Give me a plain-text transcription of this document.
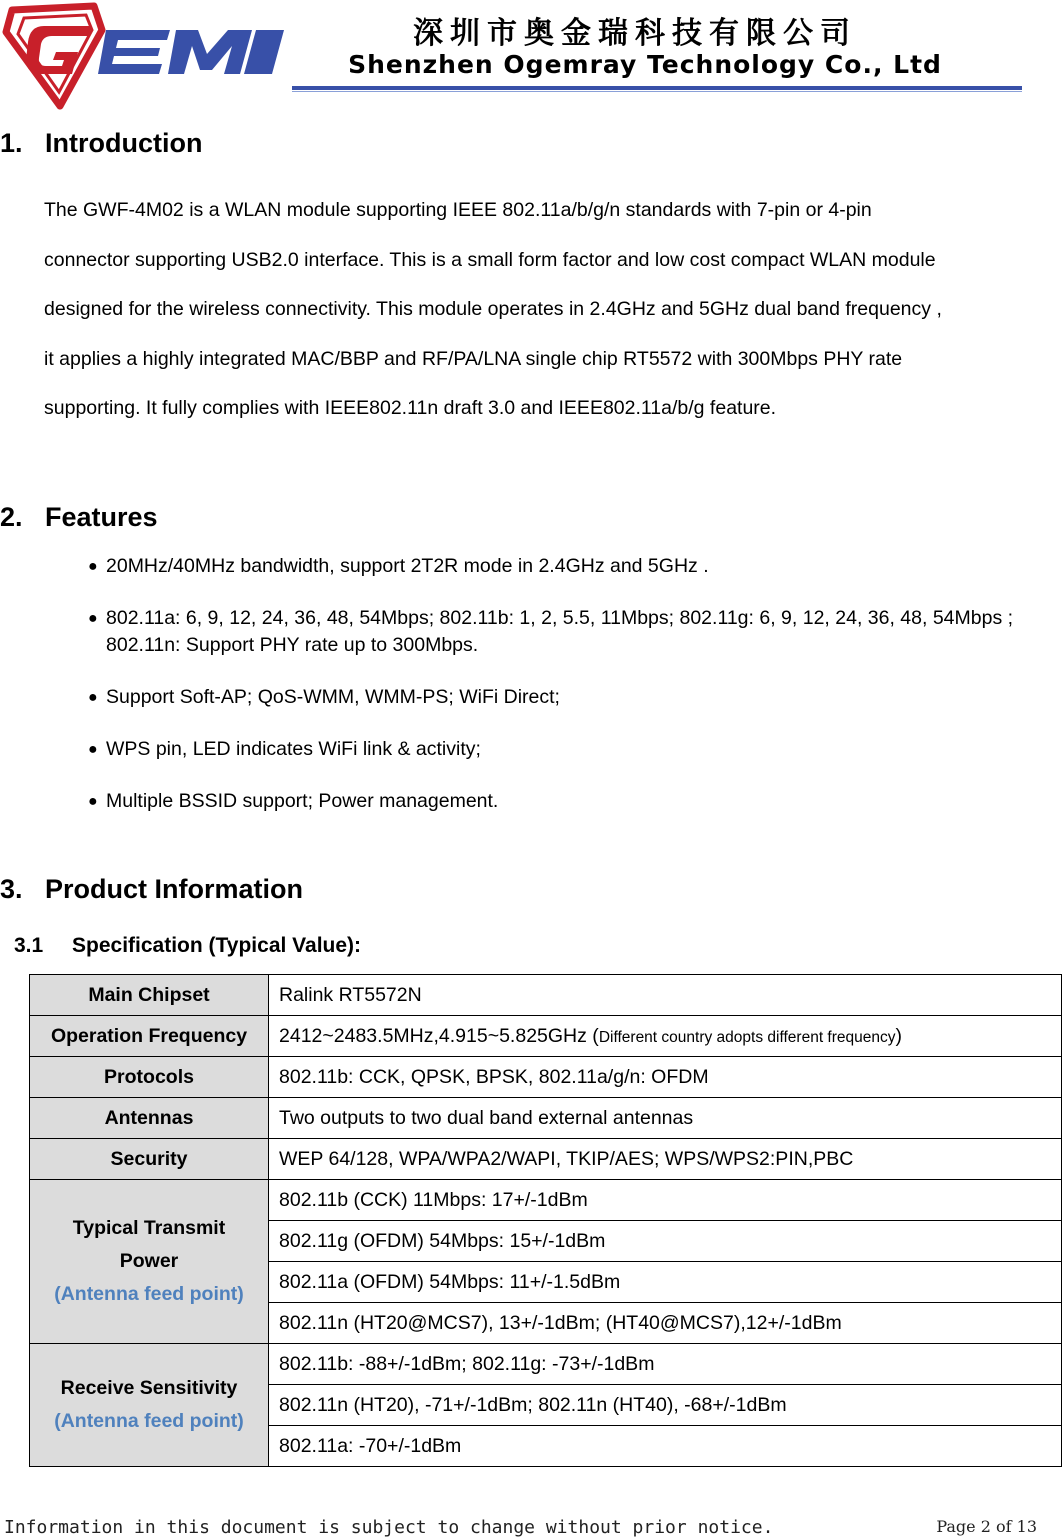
深圳市奥金瑞科技有限公司
Shenzhen Ogemray Technology Co., Ltd
1. Introduction
The GWF-4M02 is a WLAN module supporting IEEE 802.11a/b/g/n standards with 7-pin or 4-pin
connector supporting USB2.0 interface. This is a small form factor and low cost compact WLAN module
designed for the wireless connectivity. This module operates in 2.4GHz and 5GHz dual band frequency ,
it applies a highly integrated MAC/BBP and RF/PA/LNA single chip RT5572 with 300Mbps PHY rate
supporting. It fully complies with IEEE802.11n draft 3.0 and IEEE802.11a/b/g feature.
2. Features
● 20MHz/40MHz bandwidth, support 2T2R mode in 2.4GHz and 5GHz .
● 802.11a: 6, 9, 12, 24, 36, 48, 54Mbps; 802.11b: 1, 2, 5.5, 11Mbps; 802.11g: 6, 9, 12, 24, 36, 48, 54Mbps ; 802.11n: Support PHY rate up to 300Mbps.
● Support Soft-AP; QoS-WMM, WMM-PS; WiFi Direct;
● WPS pin, LED indicates WiFi link & activity;
● Multiple BSSID support; Power management.
3. Product Information
3.1 Specification (Typical Value):
Main Chipset	Ralink RT5572N
Operation Frequency	2412~2483.5MHz,4.915~5.825GHz (Different country adopts different frequency)
Protocols	802.11b: CCK, QPSK, BPSK, 802.11a/g/n: OFDM
Antennas	Two outputs to two dual band external antennas
Security	WEP 64/128, WPA/WPA2/WAPI, TKIP/AES; WPS/WPS2:PIN,PBC

Typical Transmit
Power
(Antenna feed point)	802.11b (CCK) 11Mbps: 17+/-1dBm
	802.11g (OFDM) 54Mbps: 15+/-1dBm
	802.11a (OFDM) 54Mbps: 11+/-1.5dBm
	802.11n (HT20@MCS7), 13+/-1dBm; (HT40@MCS7),12+/-1dBm

Receive Sensitivity
(Antenna feed point)	802.11b: -88+/-1dBm; 802.11g: -73+/-1dBm
	802.11n (HT20), -71+/-1dBm; 802.11n (HT40), -68+/-1dBm
	802.11a: -70+/-1dBm
Information in this document is subject to change without prior notice.	Page 2 of 13
